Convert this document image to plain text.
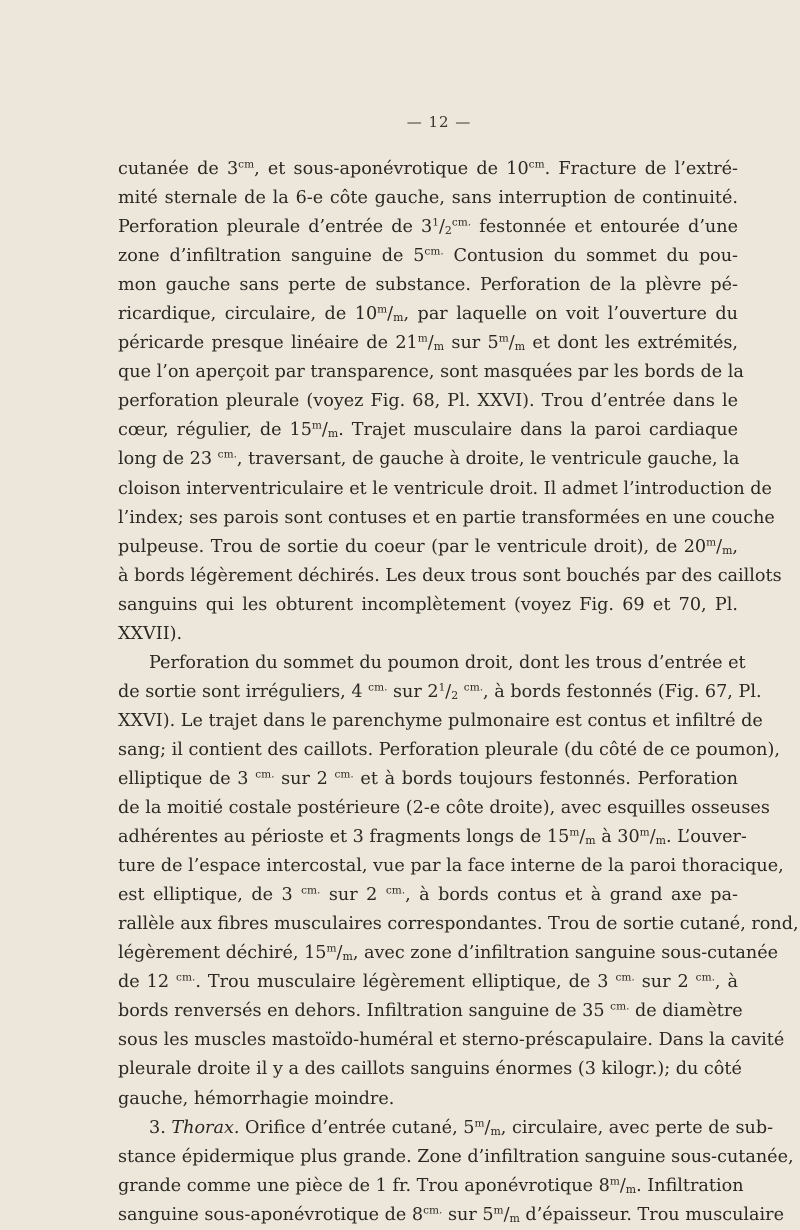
— 12 —
cutanée de $3^{cm}$, et sous-aponévrotique de $10^{cm}$. Fracture de l’extré-
mité sternale de la 6-e côte gauche, sans interruption de continuité.
Perforation pleurale d’entrée de $3^1/_2^{cm.}$ festonnée et entourée d’une
zone d’infiltration sanguine de $5^{cm.}$ Contusion du sommet du pou-
mon gauche sans perte de substance. Perforation de la plèvre pé-
ricardique, circulaire, de $10^m/_m$, par laquelle on voit l’ouverture du
péricarde presque linéaire de $21^m/_m$ sur $5^m/_m$ et dont les extrémités,
que l’on aperçoit par transparence, sont masquées par les bords de la
perforation pleurale (voyez Fig. 68, Pl. XXVI). Trou d’entrée dans le
cœur, régulier, de $15^m/_m$. Trajet musculaire dans la paroi cardiaque
long de 23 $^{cm.}$, traversant, de gauche à droite, le ventricule gauche, la
cloison interventriculaire et le ventricule droit. Il admet l’introduction de
l’index; ses parois sont contuses et en partie transformées en une couche
pulpeuse. Trou de sortie du coeur (par le ventricule droit), de $20^m/_m$,
à bords légèrement déchirés. Les deux trous sont bouchés par des caillots
sanguins qui les obturent incomplètement (voyez Fig. 69 et 70, Pl.
XXVII).
Perforation du sommet du poumon droit, dont les trous d’entrée et
de sortie sont irréguliers, 4 $^{cm.}$ sur $2^1/_2$ $^{cm.}$, à bords festonnés (Fig. 67, Pl.
XXVI). Le trajet dans le parenchyme pulmonaire est contus et infiltré de
sang; il contient des caillots. Perforation pleurale (du côté de ce poumon),
elliptique de 3 $^{cm.}$ sur 2 $^{cm.}$ et à bords toujours festonnés. Perforation
de la moitié costale postérieure (2-e côte droite), avec esquilles osseuses
adhérentes au périoste et 3 fragments longs de $15^m/_m$ à $30^m/_m$. L’ouver-
ture de l’espace intercostal, vue par la face interne de la paroi thoracique,
est elliptique, de 3 $^{cm.}$ sur 2 $^{cm.}$, à bords contus et à grand axe pa-
rallèle aux fibres musculaires correspondantes. Trou de sortie cutané, rond,
légèrement déchiré, $15^m/_m$, avec zone d’infiltration sanguine sous-cutanée
de 12 $^{cm.}$. Trou musculaire légèrement elliptique, de 3 $^{cm.}$ sur 2 $^{cm.}$, à
bords renversés en dehors. Infiltration sanguine de 35 $^{cm.}$ de diamètre
sous les muscles mastoïdo-huméral et sterno-préscapulaire. Dans la cavité
pleurale droite il y a des caillots sanguins énormes (3 kilogr.); du côté
gauche, hémorrhagie moindre.
3. Thorax. Orifice d’entrée cutané, $5^m/_m$, circulaire, avec perte de sub-
stance épidermique plus grande. Zone d’infiltration sanguine sous-cutanée,
grande comme une pièce de 1 fr. Trou aponévrotique $8^m/_m$. Infiltration
sanguine sous-aponévrotique de $8^{cm.}$ sur $5^m/_m$ d’épaisseur. Trou musculaire
